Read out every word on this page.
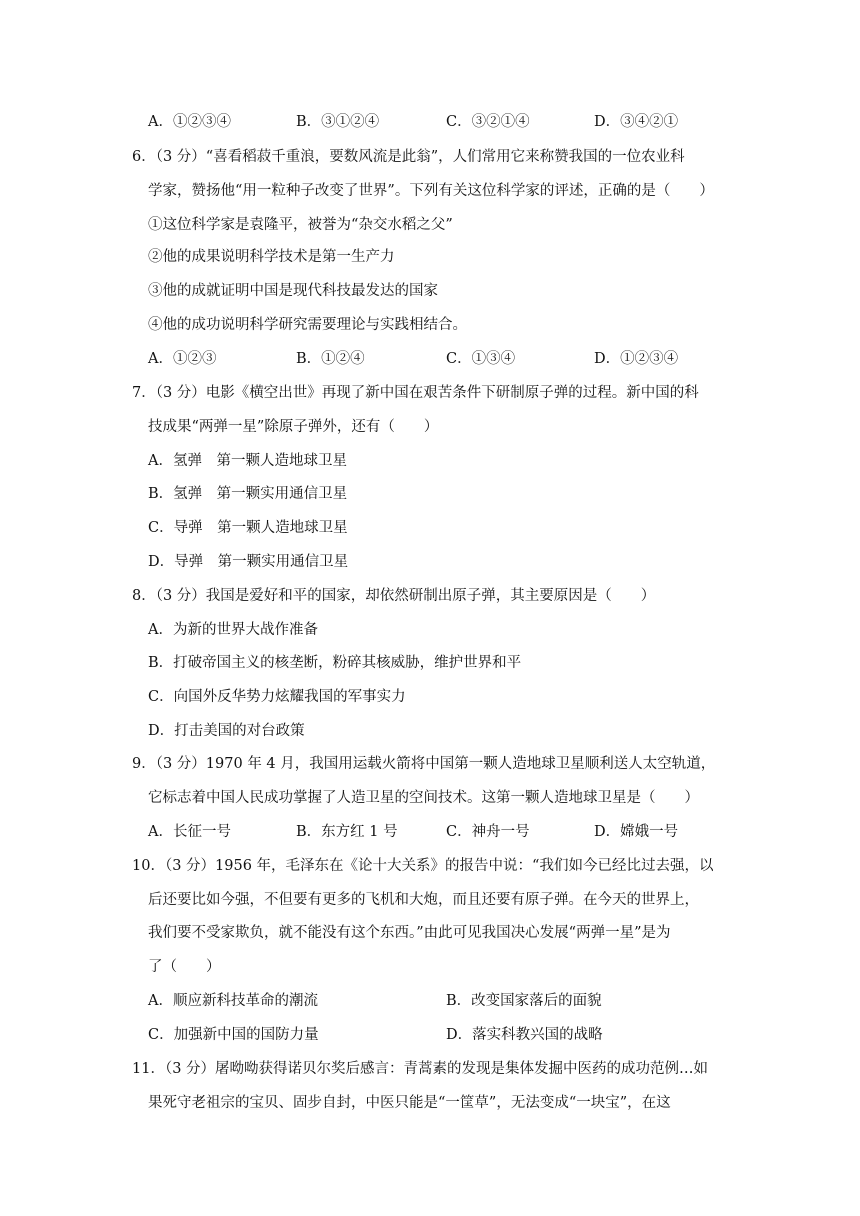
A．①②③④	B．③①②④	C．③②①④	D．③④②①
6．（3 分）“喜看稻菽千重浪，要数风流是此翁”，人们常用它来称赞我国的一位农业科
学家，赞扬他“用一粒种子改变了世界”。下列有关这位科学家的评述，正确的是（　　）
①这位科学家是袁隆平，被誉为“杂交水稻之父”
②他的成果说明科学技术是第一生产力
③他的成就证明中国是现代科技最发达的国家
④他的成功说明科学研究需要理论与实践相结合。
A．①②③	B．①②④	C．①③④	D．①②③④
7．（3 分）电影《横空出世》再现了新中国在艰苦条件下研制原子弹的过程。新中国的科
技成果“两弹一星”除原子弹外，还有（　　）
A．氢弹　第一颗人造地球卫星
B．氢弹　第一颗实用通信卫星
C．导弹　第一颗人造地球卫星
D．导弹　第一颗实用通信卫星
8．（3 分）我国是爱好和平的国家，却依然研制出原子弹，其主要原因是（　　）
A．为新的世界大战作准备
B．打破帝国主义的核垄断，粉碎其核威胁，维护世界和平
C．向国外反华势力炫耀我国的军事实力
D．打击美国的对台政策
9．（3 分）1970 年 4 月，我国用运载火箭将中国第一颗人造地球卫星顺利送人太空轨道，
它标志着中国人民成功掌握了人造卫星的空间技术。这第一颗人造地球卫星是（　　）
A．长征一号	B．东方红 1 号	C．神舟一号	D．嫦娥一号
10．（3 分）1956 年，毛泽东在《论十大关系》的报告中说：“我们如今已经比过去强，以
后还要比如今强，不但要有更多的飞机和大炮，而且还要有原子弹。在今天的世界上，
我们要不受家欺负，就不能没有这个东西。”由此可见我国决心发展“两弹一星”是为
了（　　）
A．顺应新科技革命的潮流	B．改变国家落后的面貌
C．加强新中国的国防力量	D．落实科教兴国的战略
11．（3 分）屠呦呦获得诺贝尔奖后感言：青蒿素的发现是集体发掘中医药的成功范例…如
果死守老祖宗的宝贝、固步自封，中医只能是“一筐草”，无法变成“一块宝”，在这
